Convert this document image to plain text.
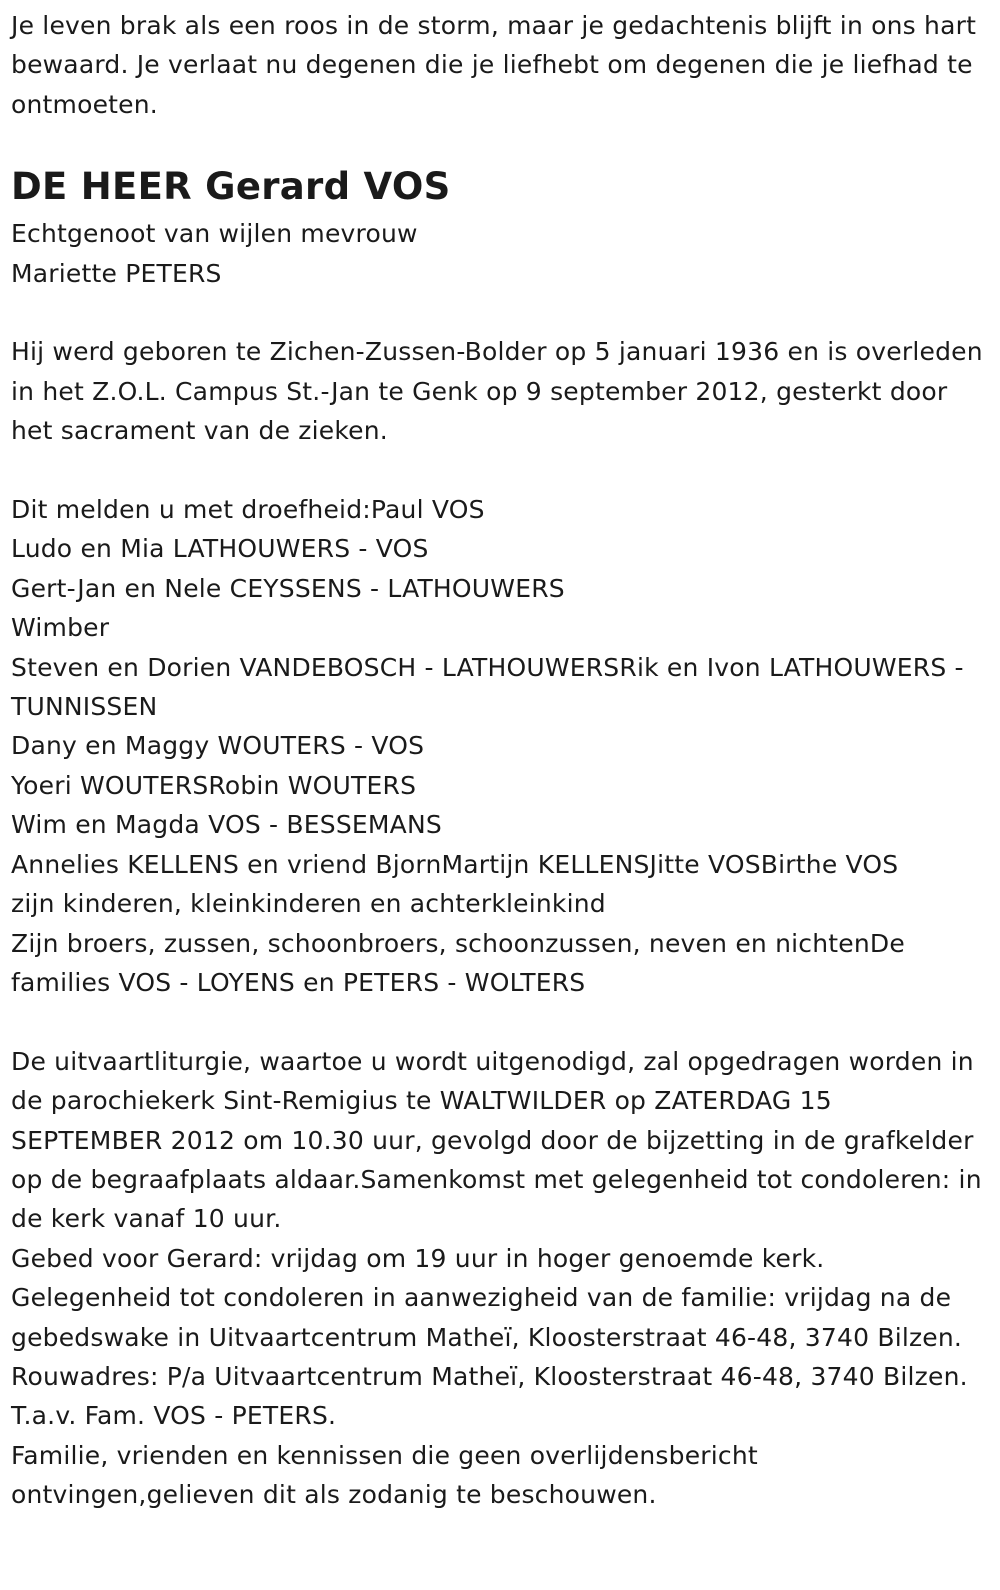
Je leven brak als een roos in de storm, maar je gedachtenis blijft in ons hart bewaard. Je verlaat nu degenen die je liefhebt om degenen die je liefhad te ontmoeten.

DE HEER Gerard VOS
Echtgenoot van wijlen mevrouw
Mariette PETERS

Hij werd geboren te Zichen-Zussen-Bolder op 5 januari 1936 en is overleden in het Z.O.L. Campus St.-Jan te Genk op 9 september 2012, gesterkt door het sacrament van de zieken.

Dit melden u met droefheid:Paul VOS
Ludo en Mia LATHOUWERS - VOS
Gert-Jan en Nele CEYSSENS - LATHOUWERS
Wimber
Steven en Dorien VANDEBOSCH - LATHOUWERSRik en Ivon LATHOUWERS - TUNNISSEN
Dany en Maggy WOUTERS - VOS
Yoeri WOUTERSRobin WOUTERS
Wim en Magda VOS - BESSEMANS
Annelies KELLENS en vriend BjornMartijn KELLENSJitte VOSBirthe VOS
zijn kinderen, kleinkinderen en achterkleinkind
Zijn broers, zussen, schoonbroers, schoonzussen, neven en nichtenDe families VOS - LOYENS en PETERS - WOLTERS
De uitvaartliturgie, waartoe u wordt uitgenodigd, zal opgedragen worden in de parochiekerk Sint-Remigius te WALTWILDER op ZATERDAG 15 SEPTEMBER 2012 om 10.30 uur, gevolgd door de bijzetting in de grafkelder op de begraafplaats aldaar.Samenkomst met gelegenheid tot condoleren: in de kerk vanaf 10 uur.
Gebed voor Gerard: vrijdag om 19 uur in hoger genoemde kerk.
Gelegenheid tot condoleren in aanwezigheid van de familie: vrijdag na de gebedswake in Uitvaartcentrum Matheï, Kloosterstraat 46-48, 3740 Bilzen.
Rouwadres: P/a Uitvaartcentrum Matheï, Kloosterstraat 46-48, 3740 Bilzen. T.a.v. Fam. VOS - PETERS.
Familie, vrienden en kennissen die geen overlijdensbericht ontvingen,gelieven dit als zodanig te beschouwen.
